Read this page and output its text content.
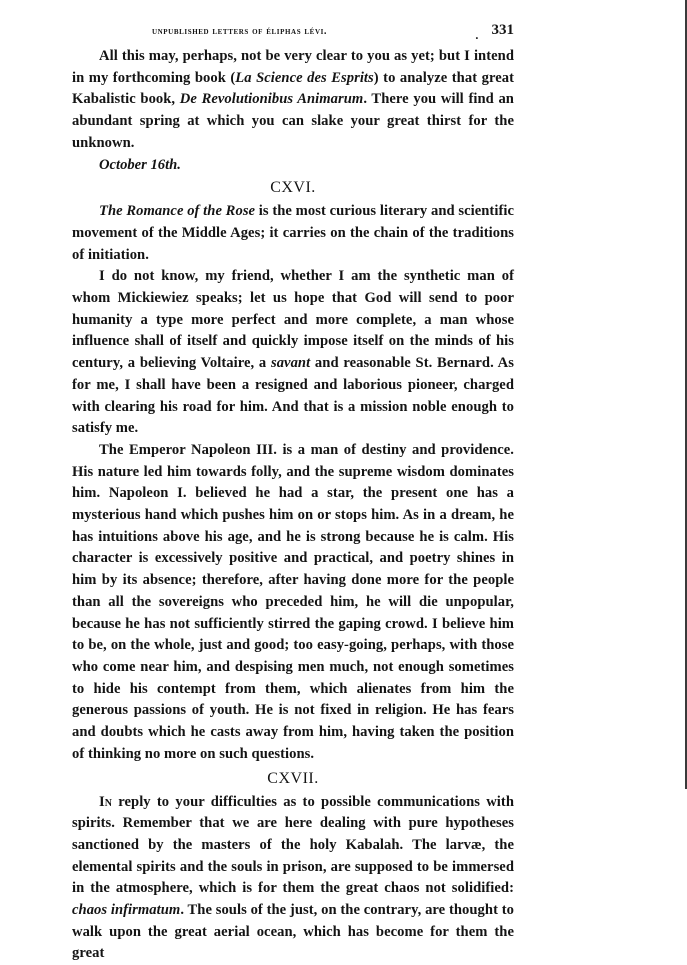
unpublished letters of éliphas lévi.	. 331

All this may, perhaps, not be very clear to you as yet; but I intend in my forthcoming book (La Science des Esprits) to analyze that great Kabalistic book, De Revolutionibus Animarum. There you will find an abundant spring at which you can slake your great thirst for the unknown.

October 16th.
CXVI.

The Romance of the Rose is the most curious literary and scientific movement of the Middle Ages; it carries on the chain of the traditions of initiation.

I do not know, my friend, whether I am the synthetic man of whom Mickiewiez speaks; let us hope that God will send to poor humanity a type more perfect and more complete, a man whose influence shall of itself and quickly impose itself on the minds of his century, a believing Voltaire, a savant and reasonable St. Bernard. As for me, I shall have been a resigned and laborious pioneer, charged with clearing his road for him. And that is a mission noble enough to satisfy me.

The Emperor Napoleon III. is a man of destiny and providence. His nature led him towards folly, and the supreme wisdom dominates him. Napoleon I. believed he had a star, the present one has a mysterious hand which pushes him on or stops him. As in a dream, he has intuitions above his age, and he is strong because he is calm. His character is excessively positive and practical, and poetry shines in him by its absence; therefore, after having done more for the people than all the sovereigns who preceded him, he will die unpopular, because he has not sufficiently stirred the gaping crowd. I believe him to be, on the whole, just and good; too easy-going, perhaps, with those who come near him, and despising men much, not enough sometimes to hide his contempt from them, which alienates from him the generous passions of youth. He is not fixed in religion. He has fears and doubts which he casts away from him, having taken the position of thinking no more on such questions.

CXVII.

In reply to your difficulties as to possible communications with spirits. Remember that we are here dealing with pure hypotheses sanctioned by the masters of the holy Kabalah. The larvæ, the elemental spirits and the souls in prison, are supposed to be immersed in the atmosphere, which is for them the great chaos not solidified: chaos infirmatum. The souls of the just, on the contrary, are thought to walk upon the great aerial ocean, which has become for them the great
